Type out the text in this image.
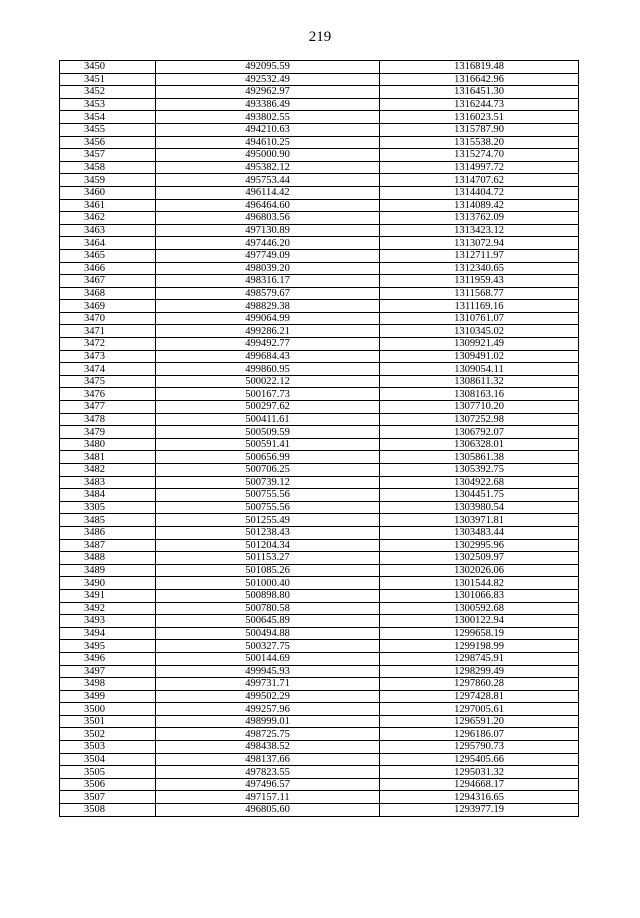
219
3450	492095.59	1316819.48
3451	492532.49	1316642.96
3452	492962.97	1316451.30
3453	493386.49	1316244.73
3454	493802.55	1316023.51
3455	494210.63	1315787.90
3456	494610.25	1315538.20
3457	495000.90	1315274.70
3458	495382.12	1314997.72
3459	495753.44	1314707.62
3460	496114.42	1314404.72
3461	496464.60	1314089.42
3462	496803.56	1313762.09
3463	497130.89	1313423.12
3464	497446.20	1313072.94
3465	497749.09	1312711.97
3466	498039.20	1312340.65
3467	498316.17	1311959.43
3468	498579.67	1311568.77
3469	498829.38	1311169.16
3470	499064.99	1310761.07
3471	499286.21	1310345.02
3472	499492.77	1309921.49
3473	499684.43	1309491.02
3474	499860.95	1309054.11
3475	500022.12	1308611.32
3476	500167.73	1308163.16
3477	500297.62	1307710.20
3478	500411.61	1307252.98
3479	500509.59	1306792.07
3480	500591.41	1306328.01
3481	500656.99	1305861.38
3482	500706.25	1305392.75
3483	500739.12	1304922.68
3484	500755.56	1304451.75
3305	500755.56	1303980.54
3485	501255.49	1303971.81
3486	501238.43	1303483.44
3487	501204.34	1302995.96
3488	501153.27	1302509.97
3489	501085.26	1302026.06
3490	501000.40	1301544.82
3491	500898.80	1301066.83
3492	500780.58	1300592.68
3493	500645.89	1300122.94
3494	500494.88	1299658.19
3495	500327.75	1299198.99
3496	500144.69	1298745.91
3497	499945.93	1298299.49
3498	499731.71	1297860.28
3499	499502.29	1297428.81
3500	499257.96	1297005.61
3501	498999.01	1296591.20
3502	498725.75	1296186.07
3503	498438.52	1295790.73
3504	498137.66	1295405.66
3505	497823.55	1295031.32
3506	497496.57	1294668.17
3507	497157.11	1294316.65
3508	496805.60	1293977.19
